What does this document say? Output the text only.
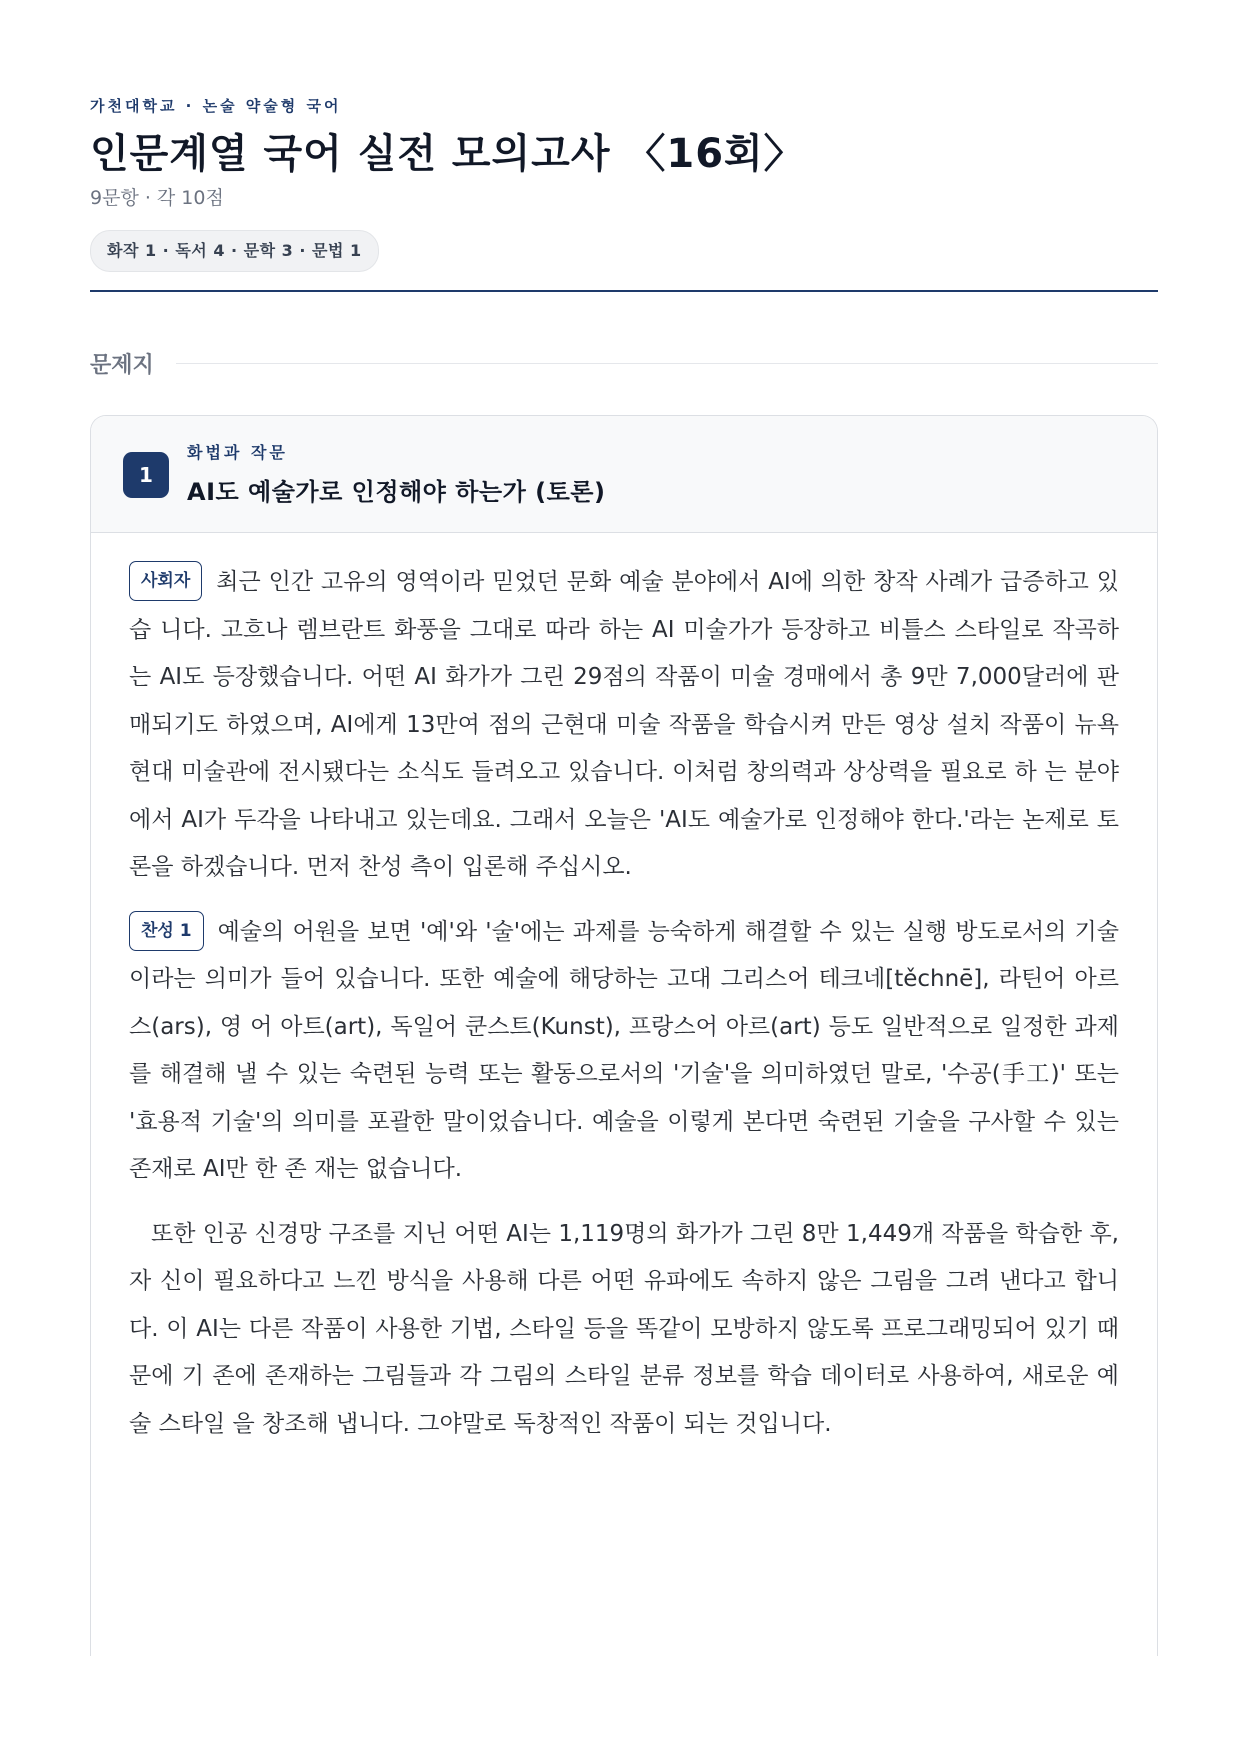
가천대학교 · 논술 약술형 국어

인문계열 국어 실전 모의고사 〈16회〉

9문항 · 각 10점

화작 1 · 독서 4 · 문학 3 · 문법 1
문제지
1
화법과 작문
AI도 예술가로 인정해야 하는가 (토론)

사회자 최근 인간 고유의 영역이라 믿었던 문화 예술 분야에서 AI에 의한 창작 사례가 급증하고 있습 니다. 고흐나 렘브란트 화풍을 그대로 따라 하는 AI 미술가가 등장하고 비틀스 스타일로 작곡하 는 AI도 등장했습니다. 어떤 AI 화가가 그린 29점의 작품이 미술 경매에서 총 9만 7,000달러에 판매되기도 하였으며, AI에게 13만여 점의 근현대 미술 작품을 학습시켜 만든 영상 설치 작품이 뉴욕 현대 미술관에 전시됐다는 소식도 들려오고 있습니다. 이처럼 창의력과 상상력을 필요로 하 는 분야에서 AI가 두각을 나타내고 있는데요. 그래서 오늘은 'AI도 예술가로 인정해야 한다.'라는 논제로 토론을 하겠습니다. 먼저 찬성 측이 입론해 주십시오.

찬성 1 예술의 어원을 보면 '예'와 '술'에는 과제를 능숙하게 해결할 수 있는 실행 방도로서의 기술이라는 의미가 들어 있습니다. 또한 예술에 해당하는 고대 그리스어 테크네[těchnē], 라틴어 아르스(ars), 영 어 아트(art), 독일어 쿤스트(Kunst), 프랑스어 아르(art) 등도 일반적으로 일정한 과제를 해결해 낼 수 있는 숙련된 능력 또는 활동으로서의 '기술'을 의미하였던 말로, '수공(手工)' 또는 '효용적 기술'의 의미를 포괄한 말이었습니다. 예술을 이렇게 본다면 숙련된 기술을 구사할 수 있는 존재로 AI만 한 존 재는 없습니다.

또한 인공 신경망 구조를 지닌 어떤 AI는 1,119명의 화가가 그린 8만 1,449개 작품을 학습한 후, 자 신이 필요하다고 느낀 방식을 사용해 다른 어떤 유파에도 속하지 않은 그림을 그려 낸다고 합니다. 이 AI는 다른 작품이 사용한 기법, 스타일 등을 똑같이 모방하지 않도록 프로그래밍되어 있기 때문에 기 존에 존재하는 그림들과 각 그림의 스타일 분류 정보를 학습 데이터로 사용하여, 새로운 예술 스타일 을 창조해 냅니다. 그야말로 독창적인 작품이 되는 것입니다.
